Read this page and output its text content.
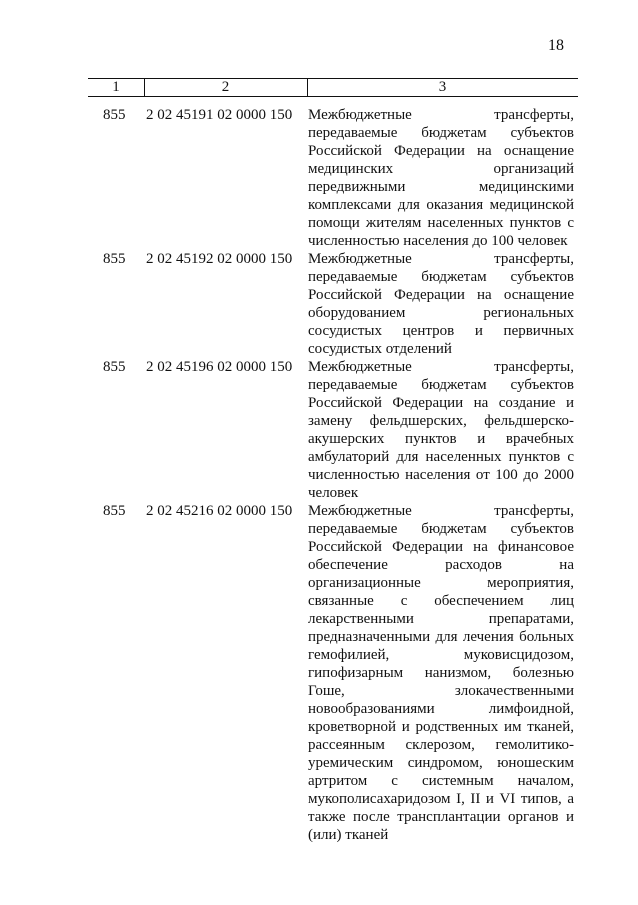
18
1	2	3
855 2 02 45191 02 0000 150 Межбюджетные трансферты, передаваемые бюджетам субъектов Российской Федерации на оснащение медицинских организаций передвижными медицинскими комплексами для оказания медицинской помощи жителям населенных пунктов с численностью населения до 100 человек
855 2 02 45192 02 0000 150 Межбюджетные трансферты, передаваемые бюджетам субъектов Российской Федерации на оснащение оборудованием региональных сосудистых центров и первичных сосудистых отделений
855 2 02 45196 02 0000 150 Межбюджетные трансферты, передаваемые бюджетам субъектов Российской Федерации на создание и замену фельдшерских, фельдшерско-акушерских пунктов и врачебных амбулаторий для населенных пунктов с численностью населения от 100 до 2000 человек
855 2 02 45216 02 0000 150 Межбюджетные трансферты, передаваемые бюджетам субъектов Российской Федерации на финансовое обеспечение расходов на организационные мероприятия, связанные с обеспечением лиц лекарственными препаратами, предназначенными для лечения больных гемофилией, муковисцидозом, гипофизарным нанизмом, болезнью Гоше, злокачественными новообразованиями лимфоидной, кроветворной и родственных им тканей, рассеянным склерозом, гемолитико-уремическим синдромом, юношеским артритом с системным началом, мукополисахаридозом I, II и VI типов, а также после трансплантации органов и (или) тканей
